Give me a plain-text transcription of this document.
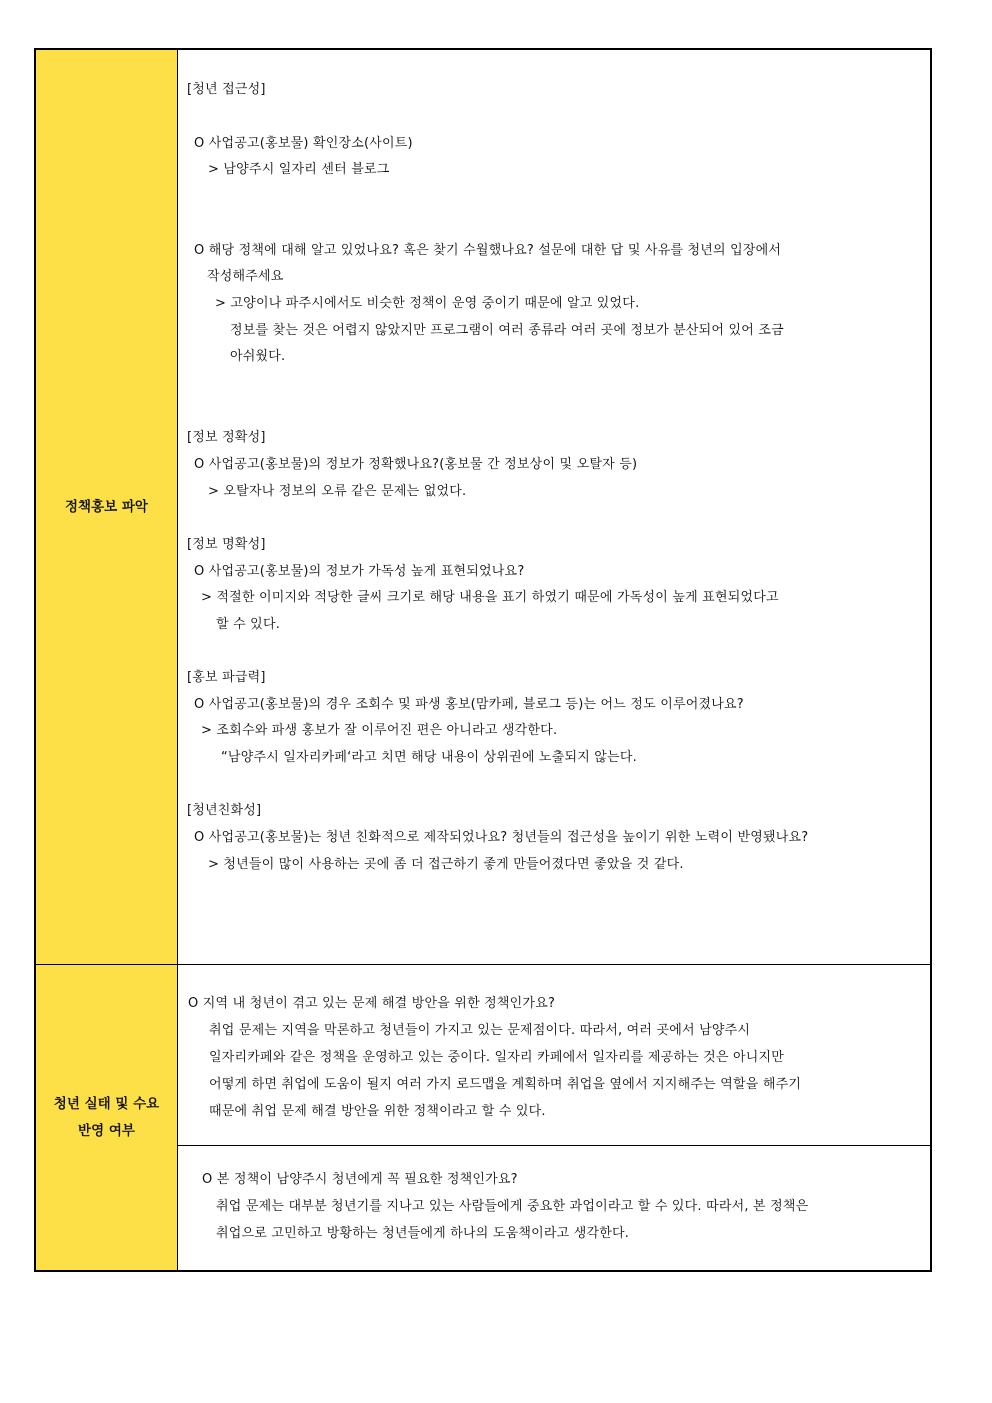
정책홍보 파악
[청년 접근성]
O 사업공고(홍보물) 확인장소(사이트)
> 남양주시 일자리 센터 블로그
O 해당 정책에 대해 알고 있었나요? 혹은 찾기 수월했나요? 설문에 대한 답 및 사유를 청년의 입장에서
작성해주세요
> 고양이나 파주시에서도 비슷한 정책이 운영 중이기 때문에 알고 있었다.
정보를 찾는 것은 어렵지 않았지만 프로그램이 여러 종류라 여러 곳에 정보가 분산되어 있어 조금
아쉬웠다.
[정보 정확성]
O 사업공고(홍보물)의 정보가 정확했나요?(홍보물 간 정보상이 및 오탈자 등)
> 오탈자나 정보의 오류 같은 문제는 없었다.
[정보 명확성]
O 사업공고(홍보물)의 정보가 가독성 높게 표현되었나요?
> 적절한 이미지와 적당한 글씨 크기로 해당 내용을 표기 하였기 때문에 가독성이 높게 표현되었다고
할 수 있다.
[홍보 파급력]
O 사업공고(홍보물)의 경우 조회수 및 파생 홍보(맘카페, 블로그 등)는 어느 정도 이루어졌나요?
> 조회수와 파생 홍보가 잘 이루어진 편은 아니라고 생각한다.
“남양주시 일자리카페‘라고 치면 해당 내용이 상위권에 노출되지 않는다.
[청년친화성]
O 사업공고(홍보물)는 청년 친화적으로 제작되었나요? 청년들의 접근성을 높이기 위한 노력이 반영됐나요?
> 청년들이 많이 사용하는 곳에 좀 더 접근하기 좋게 만들어졌다면 좋았을 것 같다.
청년 실태 및 수요
반영 여부
O 지역 내 청년이 겪고 있는 문제 해결 방안을 위한 정책인가요?
취업 문제는 지역을 막론하고 청년들이 가지고 있는 문제점이다. 따라서, 여러 곳에서 남양주시
일자리카페와 같은 정책을 운영하고 있는 중이다. 일자리 카페에서 일자리를 제공하는 것은 아니지만
어떻게 하면 취업에 도움이 될지 여러 가지 로드맵을 계획하며 취업을 옆에서 지지해주는 역할을 해주기
때문에 취업 문제 해결 방안을 위한 정책이라고 할 수 있다.
O 본 정책이 남양주시 청년에게 꼭 필요한 정책인가요?
취업 문제는 대부분 청년기를 지나고 있는 사람들에게 중요한 과업이라고 할 수 있다. 따라서, 본 정책은
취업으로 고민하고 방황하는 청년들에게 하나의 도움책이라고 생각한다.
